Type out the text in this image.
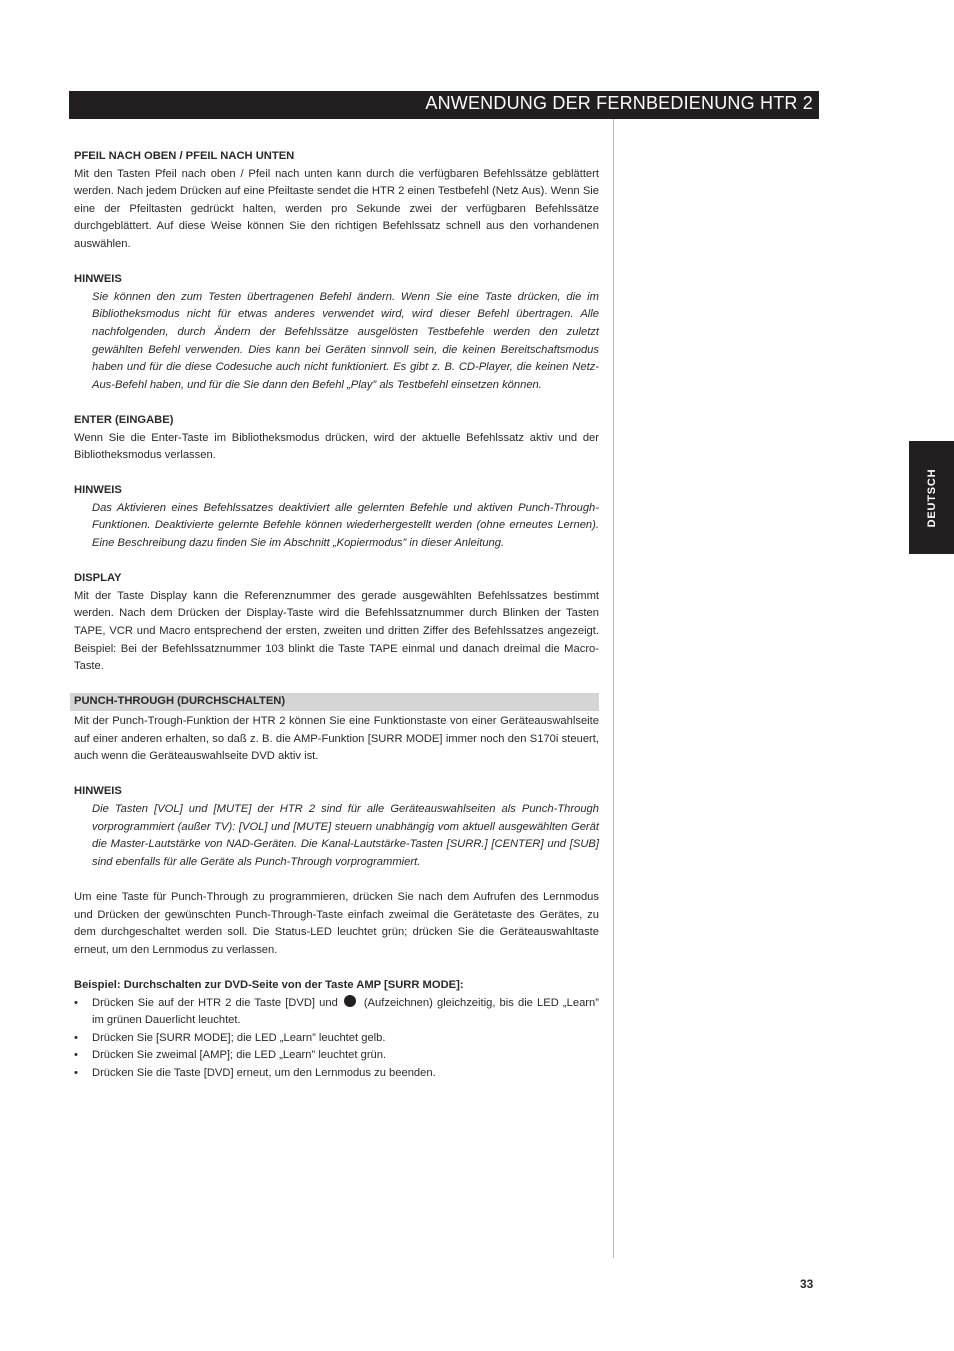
ANWENDUNG DER FERNBEDIENUNG HTR 2
DEUTSCH
PFEIL NACH OBEN / PFEIL NACH UNTEN

Mit den Tasten Pfeil nach oben / Pfeil nach unten kann durch die verfügbaren Befehlssätze geblättert werden. Nach jedem Drücken auf eine Pfeiltaste sendet die HTR 2 einen Testbefehl (Netz Aus). Wenn Sie eine der Pfeiltasten gedrückt halten, werden pro Sekunde zwei der verfügbaren Befehlssätze durchgeblättert. Auf diese Weise können Sie den richtigen Befehlssatz schnell aus den vorhandenen auswählen.

HINWEIS

Sie können den zum Testen übertragenen Befehl ändern. Wenn Sie eine Taste drücken, die im Bibliotheksmodus nicht für etwas anderes verwendet wird, wird dieser Befehl übertragen. Alle nachfolgenden, durch Ändern der Befehlssätze ausgelösten Testbefehle werden den zuletzt gewählten Befehl verwenden. Dies kann bei Geräten sinnvoll sein, die keinen Bereitschaftsmodus haben und für die diese Codesuche auch nicht funktioniert. Es gibt z. B. CD-Player, die keinen Netz-Aus-Befehl haben, und für die Sie dann den Befehl „Play” als Testbefehl einsetzen können.

ENTER (EINGABE)

Wenn Sie die Enter-Taste im Bibliotheksmodus drücken, wird der aktuelle Befehlssatz aktiv und der Bibliotheksmodus verlassen.

HINWEIS

Das Aktivieren eines Befehlssatzes deaktiviert alle gelernten Befehle und aktiven Punch-Through-Funktionen. Deaktivierte gelernte Befehle können wiederhergestellt werden (ohne erneutes Lernen). Eine Beschreibung dazu finden Sie im Abschnitt „Kopiermodus” in dieser Anleitung.

DISPLAY

Mit der Taste Display kann die Referenznummer des gerade ausgewählten Befehlssatzes bestimmt werden. Nach dem Drücken der Display-Taste wird die Befehlssatznummer durch Blinken der Tasten TAPE, VCR und Macro entsprechend der ersten, zweiten und dritten Ziffer des Befehlssatzes angezeigt. Beispiel: Bei der Befehlssatznummer 103 blinkt die Taste TAPE einmal und danach dreimal die Macro-Taste.

PUNCH-THROUGH (DURCHSCHALTEN)

Mit der Punch-Trough-Funktion der HTR 2 können Sie eine Funktionstaste von einer Geräteauswahlseite auf einer anderen erhalten, so daß z. B. die AMP-Funktion [SURR MODE] immer noch den S170i steuert, auch wenn die Geräteauswahlseite DVD aktiv ist.

HINWEIS

Die Tasten [VOL] und [MUTE] der HTR 2 sind für alle Geräteauswahlseiten als Punch-Through vorprogrammiert (außer TV): [VOL] und [MUTE] steuern unabhängig vom aktuell ausgewählten Gerät die Master-Lautstärke von NAD-Geräten. Die Kanal-Lautstärke-Tasten [SURR.] [CENTER] und [SUB] sind ebenfalls für alle Geräte als Punch-Through vorprogrammiert.

Um eine Taste für Punch-Through zu programmieren, drücken Sie nach dem Aufrufen des Lernmodus und Drücken der gewünschten Punch-Through-Taste einfach zweimal die Gerätetaste des Gerätes, zu dem durchgeschaltet werden soll. Die Status-LED leuchtet grün; drücken Sie die Geräteauswahltaste erneut, um den Lernmodus zu verlassen.

Beispiel: Durchschalten zur DVD-Seite von der Taste AMP [SURR MODE]:
• Drücken Sie auf der HTR 2 die Taste [DVD] und (Aufzeichnen) gleichzeitig, bis die LED „Learn” im grünen Dauerlicht leuchtet.
• Drücken Sie [SURR MODE]; die LED „Learn” leuchtet gelb.
• Drücken Sie zweimal [AMP]; die LED „Learn” leuchtet grün.
• Drücken Sie die Taste [DVD] erneut, um den Lernmodus zu beenden.
33
